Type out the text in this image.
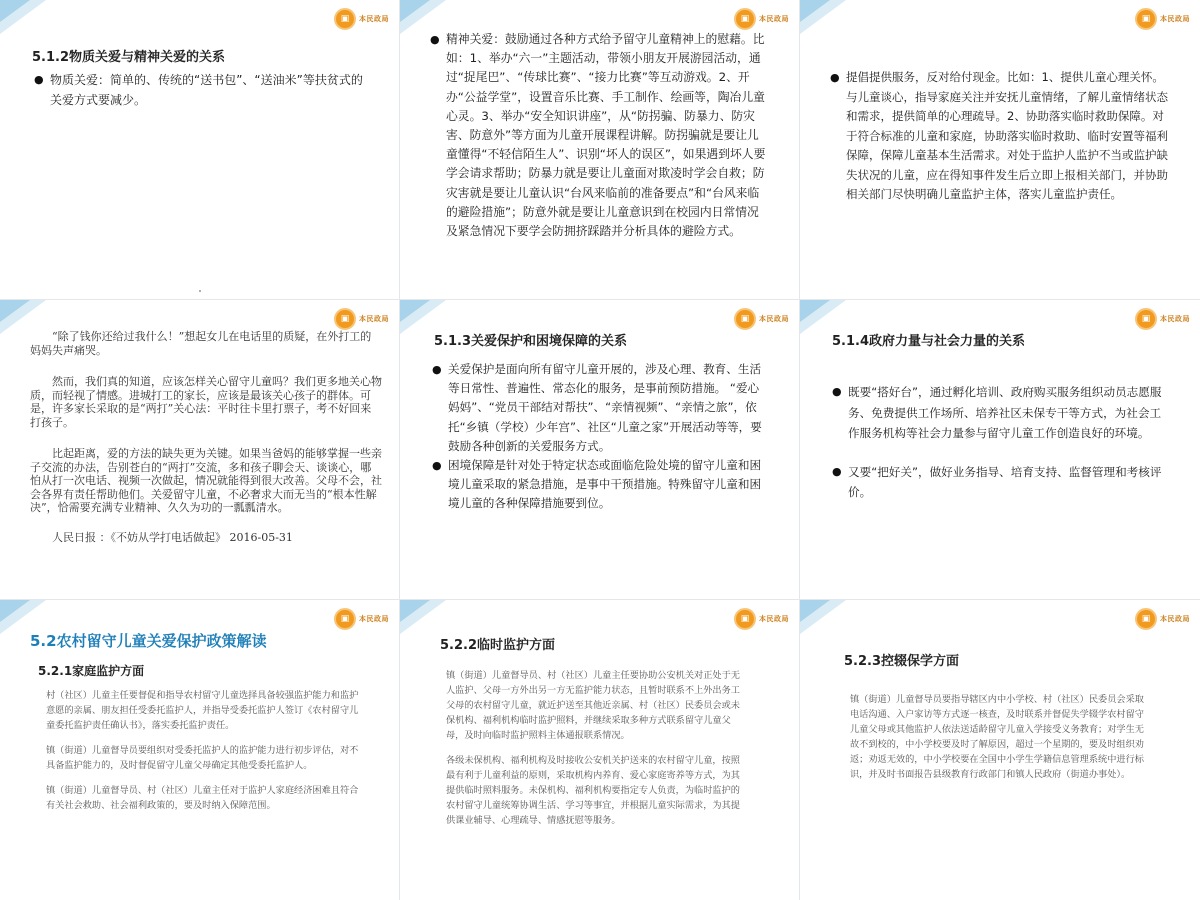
▣	本民政局
5.1.2物质关爱与精神关爱的关系
● 物质关爱：简单的、传统的“送书包”、“送油米”等扶贫式的关爱方式要减少。
▣	本民政局
● 精神关爱：鼓励通过各种方式给予留守儿童精神上的慰藉。比如：1、举办“六一”主题活动，带领小朋友开展游园活动，通过“捉尾巴”、“传球比赛”、“接力比赛”等互动游戏。2、开办“公益学堂”，设置音乐比赛、手工制作、绘画等，陶冶儿童心灵。3、举办“安全知识讲座”，从“防拐骗、防暴力、防灾害、防意外”等方面为儿童开展课程讲解。防拐骗就是要让儿童懂得“不轻信陌生人”、识别“坏人的误区”，如果遇到坏人要学会请求帮助；防暴力就是要让儿童面对欺凌时学会自救；防灾害就是要让儿童认识“台风来临前的准备要点”和“台风来临的避险措施”；防意外就是要让儿童意识到在校园内日常情况及紧急情况下要学会防拥挤踩踏并分析具体的避险方式。
▣	本民政局
● 提倡提供服务，反对给付现金。比如：1、提供儿童心理关怀。与儿童谈心，指导家庭关注并安抚儿童情绪，了解儿童情绪状态和需求，提供简单的心理疏导。2、协助落实临时救助保障。对于符合标准的儿童和家庭，协助落实临时救助、临时安置等福利保障，保障儿童基本生活需求。对处于监护人监护不当或监护缺失状况的儿童，应在得知事件发生后立即上报相关部门，并协助相关部门尽快明确儿童监护主体，落实儿童监护责任。
▣	本民政局

“除了钱你还给过我什么！”想起女儿在电话里的质疑，在外打工的妈妈失声痛哭。

然而，我们真的知道，应该怎样关心留守儿童吗？我们更多地关心物质，而轻视了情感。进城打工的家长，应该是最该关心孩子的群体。可是，许多家长采取的是“两打”关心法：平时往卡里打票子，考不好回来打孩子。

比起距离，爱的方法的缺失更为关键。如果当爸妈的能够掌握一些亲子交流的办法，告别苍白的“两打”交流，多和孩子聊会天、谈谈心，哪怕从打一次电话、视频一次做起，情况就能得到很大改善。父母不会，社会各界有责任帮助他们。关爱留守儿童，不必奢求大而无当的“根本性解决”，恰需要充满专业精神、久久为功的一瓢瓢清水。

人民日报 ：《不妨从学打电话做起》 2016-05-31

▣	本民政局
5.1.3关爱保护和困境保障的关系
● 关爱保护是面向所有留守儿童开展的，涉及心理、教育、生活等日常性、普遍性、常态化的服务，是事前预防措施。 “爱心妈妈”、“党员干部结对帮扶”、“亲情视频”、“亲情之旅”，依托“乡镇（学校）少年宫”、社区“儿童之家”开展活动等等，要鼓励各种创新的关爱服务方式。
● 困境保障是针对处于特定状态或面临危险处境的留守儿童和困境儿童采取的紧急措施，是事中干预措施。特殊留守儿童和困境儿童的各种保障措施要到位。
▣	本民政局
5.1.4政府力量与社会力量的关系
● 既要“搭好台”，通过孵化培训、政府购买服务组织动员志愿服务、免费提供工作场所、培养社区未保专干等方式，为社会工作服务机构等社会力量参与留守儿童工作创造良好的环境。
● 又要“把好关”，做好业务指导、培育支持、监督管理和考核评价。
▣	本民政局
5.2农村留守儿童关爱保护政策解读
5.2.1家庭监护方面

村（社区）儿童主任要督促和指导农村留守儿童选择具备较强监护能力和监护意愿的亲属、朋友担任受委托监护人，并指导受委托监护人签订《农村留守儿童委托监护责任确认书》，落实委托监护责任。

镇（街道）儿童督导员要组织对受委托监护人的监护能力进行初步评估，对不具备监护能力的，及时督促留守儿童父母确定其他受委托监护人。

镇（街道）儿童督导员、村（社区）儿童主任对于监护人家庭经济困难且符合有关社会救助、社会福利政策的，要及时纳入保障范围。

▣	本民政局
5.2.2临时监护方面

镇（街道）儿童督导员、村（社区）儿童主任要协助公安机关对正处于无人监护、父母一方外出另一方无监护能力状态，且暂时联系不上外出务工父母的农村留守儿童，就近护送至其他近亲属、村（社区）民委员会或未保机构、福利机构临时监护照料，并继续采取多种方式联系留守儿童父母，及时向临时监护照料主体通报联系情况。

各级未保机构、福利机构及时接收公安机关护送来的农村留守儿童，按照最有利于儿童利益的原则，采取机构内养育、爱心家庭寄养等方式，为其提供临时照料服务。未保机构、福利机构要指定专人负责，为临时监护的农村留守儿童统筹协调生活、学习等事宜，并根据儿童实际需求，为其提供课业辅导、心理疏导、情感抚慰等服务。

▣	本民政局
5.2.3控辍保学方面

镇（街道）儿童督导员要指导辖区内中小学校、村（社区）民委员会采取电话沟通、入户家访等方式逐一核查，及时联系并督促失学辍学农村留守儿童父母或其他监护人依法送适龄留守儿童入学接受义务教育；对学生无故不到校的，中小学校要及时了解原因，超过一个星期的，要及时组织劝返；劝返无效的，中小学校要在全国中小学生学籍信息管理系统中进行标识，并及时书面报告县级教育行政部门和镇人民政府（街道办事处）。
